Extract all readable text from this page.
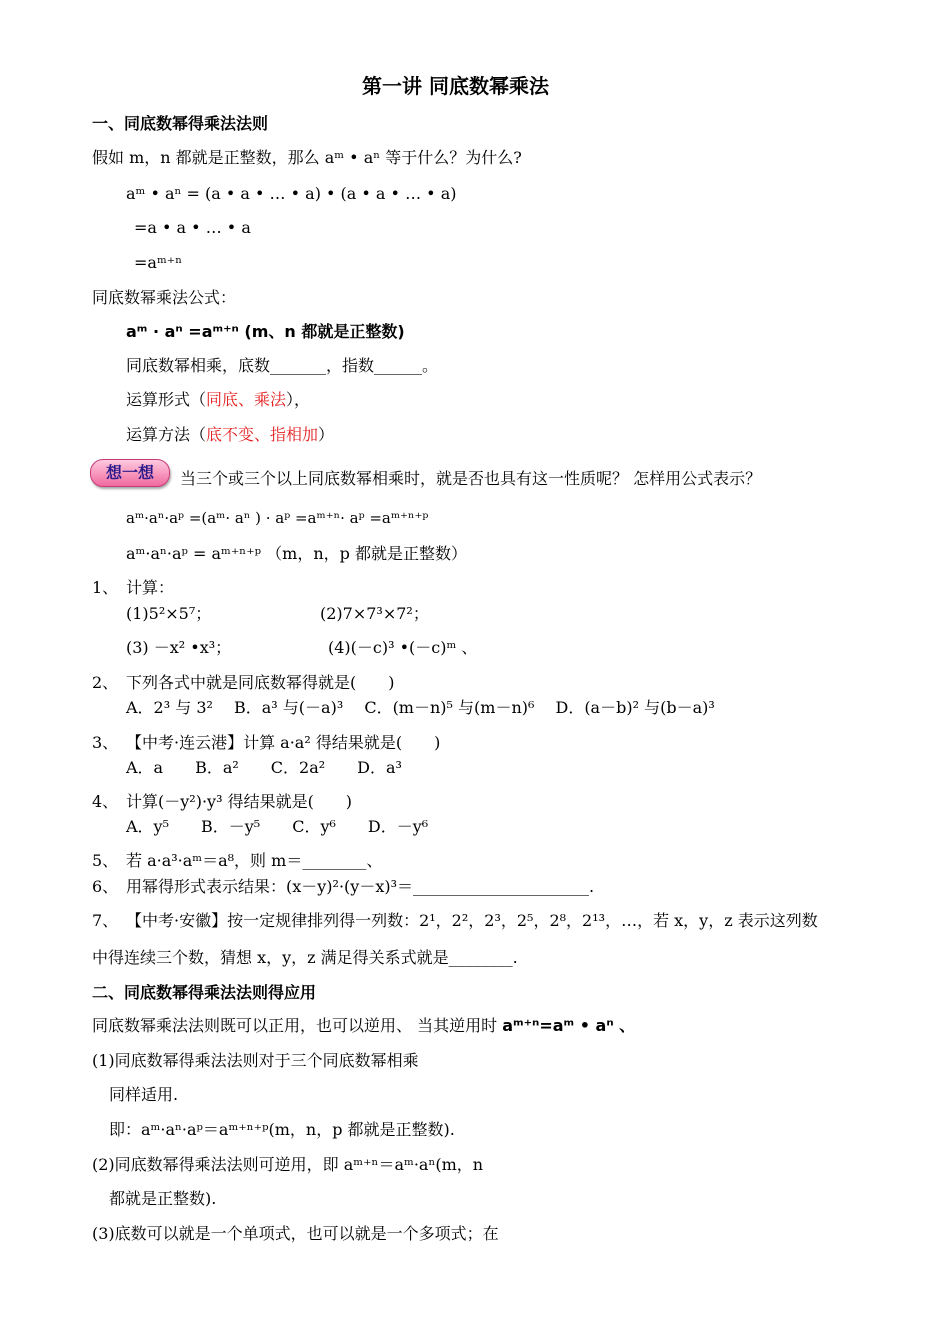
第一讲 同底数幂乘法
一、同底数幂得乘法法则
假如 m，n 都就是正整数，那么 aᵐ • aⁿ 等于什么？为什么?
aᵐ • aⁿ = (a • a • … • a) • (a • a • … • a)
=a • a • … • a
=aᵐ⁺ⁿ
同底数幂乘法公式：
aᵐ · aⁿ =aᵐ⁺ⁿ (m、n 都就是正整数)
同底数幂相乘，底数_______，指数______。
运算形式（同底、乘法），
运算方法（底不变、指相加）
想一想	当三个或三个以上同底数幂相乘时，就是否也具有这一性质呢？ 怎样用公式表示？
aᵐ·aⁿ·aᵖ =(aᵐ· aⁿ ) · aᵖ =aᵐ⁺ⁿ· aᵖ =aᵐ⁺ⁿ⁺ᵖ
aᵐ·aⁿ·aᵖ = aᵐ⁺ⁿ⁺ᵖ （m，n，p 都就是正整数）
1、 计算：
(1)5²×5⁷；	(2)7×7³×7²；
(3) －x² •x³；	(4)(－c)³ •(－c)ᵐ 、
2、 下列各式中就是同底数幂得就是(　　)
A．2³ 与 3²　 B．a³ 与(－a)³　 C．(m－n)⁵ 与(m－n)⁶　 D．(a－b)² 与(b－a)³
3、 【中考·连云港】计算 a·a² 得结果就是(　　)
A．a　　B．a²　　C．2a²　　D．a³
4、 计算(－y²)·y³ 得结果就是(　　)
A．y⁵　　B．－y⁵　　C．y⁶　　D．－y⁶
5、 若 a·a³·aᵐ＝a⁸，则 m＝________、
6、 用幂得形式表示结果：(x－y)²·(y－x)³＝______________________.
7、 【中考·安徽】按一定规律排列得一列数：2¹，2²，2³，2⁵，2⁸，2¹³，…，若 x，y，z 表示这列数
中得连续三个数，猜想 x，y，z 满足得关系式就是________.
二、同底数幂得乘法法则得应用
同底数幂乘法法则既可以正用，也可以逆用、 当其逆用时 aᵐ⁺ⁿ=aᵐ • aⁿ 、
(1)同底数幂得乘法法则对于三个同底数幂相乘
同样适用.
即：aᵐ·aⁿ·aᵖ＝aᵐ⁺ⁿ⁺ᵖ(m，n，p 都就是正整数).
(2)同底数幂得乘法法则可逆用，即 aᵐ⁺ⁿ＝aᵐ·aⁿ(m，n
都就是正整数).
(3)底数可以就是一个单项式，也可以就是一个多项式；在
